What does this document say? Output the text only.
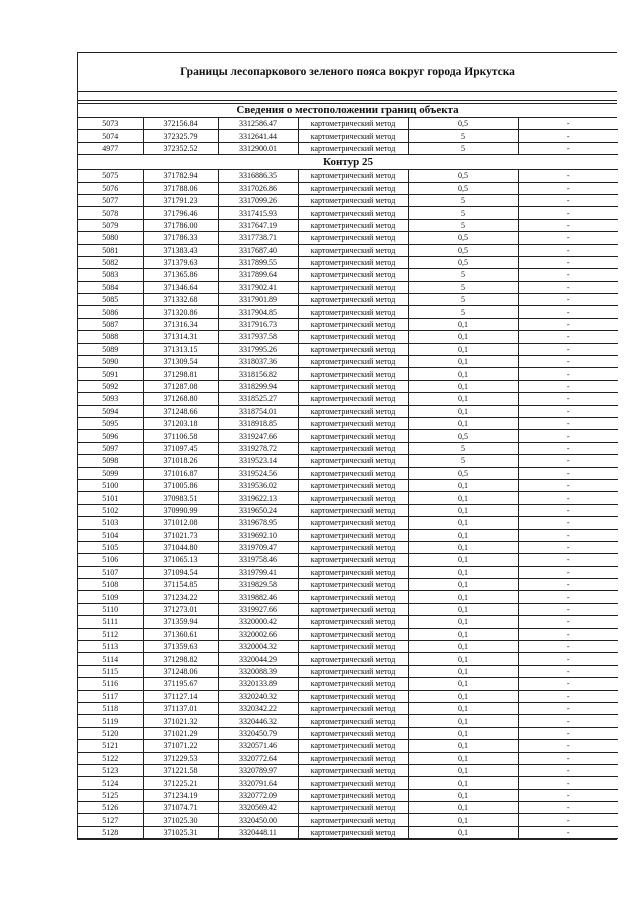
Границы лесопаркового зеленого пояса вокруг города Иркутска
Сведения о местоположении границ объекта
5073	372156.84	3312586.47	картометрический метод	0,5	-
5074	372325.79	3312641.44	картометрический метод	5	-
4977	372352.52	3312900.01	картометрический метод	5	-
Контур 25					
5075	371782.94	3316886.35	картометрический метод	0,5	-
5076	371788.06	3317026.86	картометрический метод	0,5	-
5077	371791.23	3317099.26	картометрический метод	5	-
5078	371796.46	3317415.93	картометрический метод	5	-
5079	371786.00	3317647.19	картометрический метод	5	-
5080	371786.33	3317738.71	картометрический метод	0,5	-
5081	371383.43	3317687.40	картометрический метод	0,5	-
5082	371379.63	3317899.55	картометрический метод	0,5	-
5083	371365.86	3317899.64	картометрический метод	5	-
5084	371346.64	3317902.41	картометрический метод	5	-
5085	371332.68	3317901.89	картометрический метод	5	-
5086	371320.86	3317904.85	картометрический метод	5	-
5087	371316.34	3317916.73	картометрический метод	0,1	-
5088	371314.31	3317937.58	картометрический метод	0,1	-
5089	371313.15	3317995.26	картометрический метод	0,1	-
5090	371309.54	3318037.36	картометрический метод	0,1	-
5091	371298.81	3318156.82	картометрический метод	0,1	-
5092	371287.08	3318299.94	картометрический метод	0,1	-
5093	371268.80	3318525.27	картометрический метод	0,1	-
5094	371248.66	3318754.01	картометрический метод	0,1	-
5095	371203.18	3318918.85	картометрический метод	0,1	-
5096	371106.58	3319247.66	картометрический метод	0,5	-
5097	371097.45	3319278.72	картометрический метод	5	-
5098	371018.26	3319523.14	картометрический метод	5	-
5099	371016.87	3319524.56	картометрический метод	0,5	-
5100	371005.86	3319536.02	картометрический метод	0,1	-
5101	370983.51	3319622.13	картометрический метод	0,1	-
5102	370990.99	3319650.24	картометрический метод	0,1	-
5103	371012.08	3319678.95	картометрический метод	0,1	-
5104	371021.73	3319692.10	картометрический метод	0,1	-
5105	371044.80	3319709.47	картометрический метод	0,1	-
5106	371065.13	3319758.46	картометрический метод	0,1	-
5107	371094.54	3319799.41	картометрический метод	0,1	-
5108	371154.85	3319829.58	картометрический метод	0,1	-
5109	371234.22	3319882.46	картометрический метод	0,1	-
5110	371273.01	3319927.66	картометрический метод	0,1	-
5111	371359.94	3320000.42	картометрический метод	0,1	-
5112	371360.61	3320002.66	картометрический метод	0,1	-
5113	371359.63	3320004.32	картометрический метод	0,1	-
5114	371298.82	3320044.29	картометрический метод	0,1	-
5115	371248.06	3320088.39	картометрический метод	0,1	-
5116	371195.67	3320133.89	картометрический метод	0,1	-
5117	371127.14	3320240.32	картометрический метод	0,1	-
5118	371137.01	3320342.22	картометрический метод	0,1	-
5119	371021.32	3320446.32	картометрический метод	0,1	-
5120	371021.29	3320450.79	картометрический метод	0,1	-
5121	371071.22	3320571.46	картометрический метод	0,1	-
5122	371229.53	3320772.64	картометрический метод	0,1	-
5123	371221.58	3320789.97	картометрический метод	0,1	-
5124	371225.21	3320791.64	картометрический метод	0,1	-
5125	371234.19	3320772.09	картометрический метод	0,1	-
5126	371074.71	3320569.42	картометрический метод	0,1	-
5127	371025.30	3320450.00	картометрический метод	0,1	-
5128	371025.31	3320448.11	картометрический метод	0,1	-
